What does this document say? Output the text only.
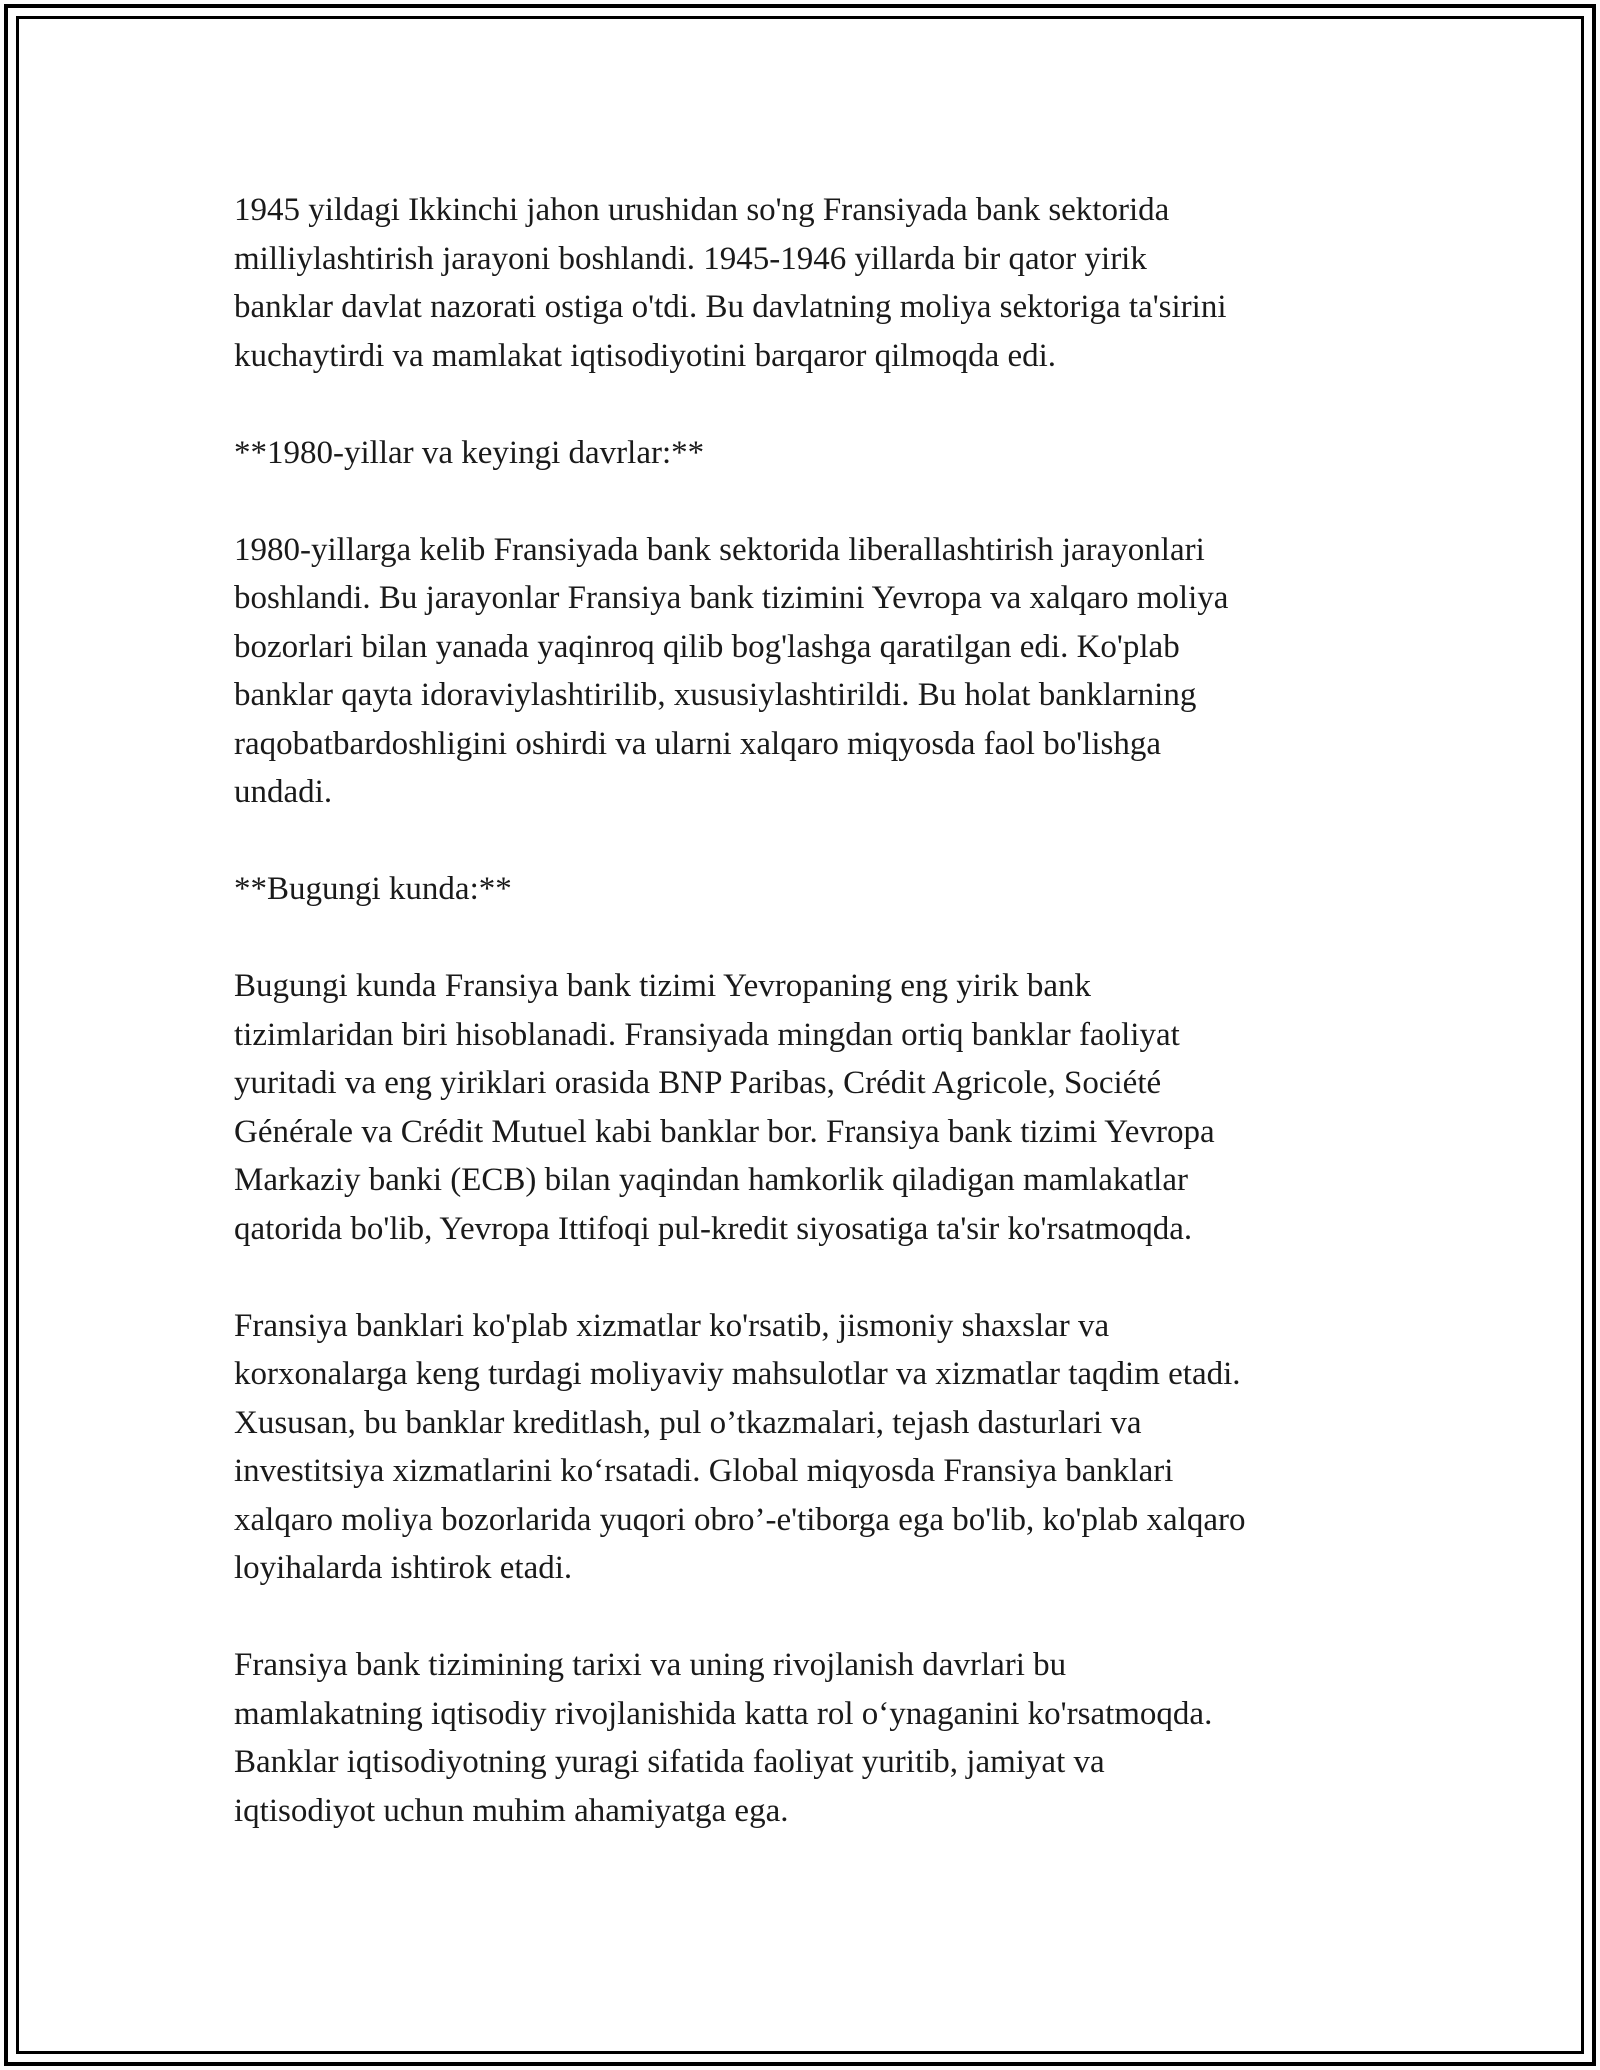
1945 yildagi Ikkinchi jahon urushidan so'ng Fransiyada bank sektorida
milliylashtirish jarayoni boshlandi. 1945-1946 yillarda bir qator yirik
banklar davlat nazorati ostiga o'tdi. Bu davlatning moliya sektoriga ta'sirini
kuchaytirdi va mamlakat iqtisodiyotini barqaror qilmoqda edi.

**1980-yillar va keyingi davrlar:**

1980-yillarga kelib Fransiyada bank sektorida liberallashtirish jarayonlari
boshlandi. Bu jarayonlar Fransiya bank tizimini Yevropa va xalqaro moliya
bozorlari bilan yanada yaqinroq qilib bog'lashga qaratilgan edi. Ko'plab
banklar qayta idoraviylashtirilib, xususiylashtirildi. Bu holat banklarning
raqobatbardoshligini oshirdi va ularni xalqaro miqyosda faol bo'lishga
undadi.

**Bugungi kunda:**

Bugungi kunda Fransiya bank tizimi Yevropaning eng yirik bank
tizimlaridan biri hisoblanadi. Fransiyada mingdan ortiq banklar faoliyat
yuritadi va eng yiriklari orasida BNP Paribas, Crédit Agricole, Société
Générale va Crédit Mutuel kabi banklar bor. Fransiya bank tizimi Yevropa
Markaziy banki (ECB) bilan yaqindan hamkorlik qiladigan mamlakatlar
qatorida bo'lib, Yevropa Ittifoqi pul-kredit siyosatiga ta'sir ko'rsatmoqda.

Fransiya banklari ko'plab xizmatlar ko'rsatib, jismoniy shaxslar va
korxonalarga keng turdagi moliyaviy mahsulotlar va xizmatlar taqdim etadi.
Xususan, bu banklar kreditlash, pul o’tkazmalari, tejash dasturlari va
investitsiya xizmatlarini ko‘rsatadi. Global miqyosda Fransiya banklari
xalqaro moliya bozorlarida yuqori obro’-e'tiborga ega bo'lib, ko'plab xalqaro
loyihalarda ishtirok etadi.

Fransiya bank tizimining tarixi va uning rivojlanish davrlari bu
mamlakatning iqtisodiy rivojlanishida katta rol o‘ynaganini ko'rsatmoqda.
Banklar iqtisodiyotning yuragi sifatida faoliyat yuritib, jamiyat va
iqtisodiyot uchun muhim ahamiyatga ega.
